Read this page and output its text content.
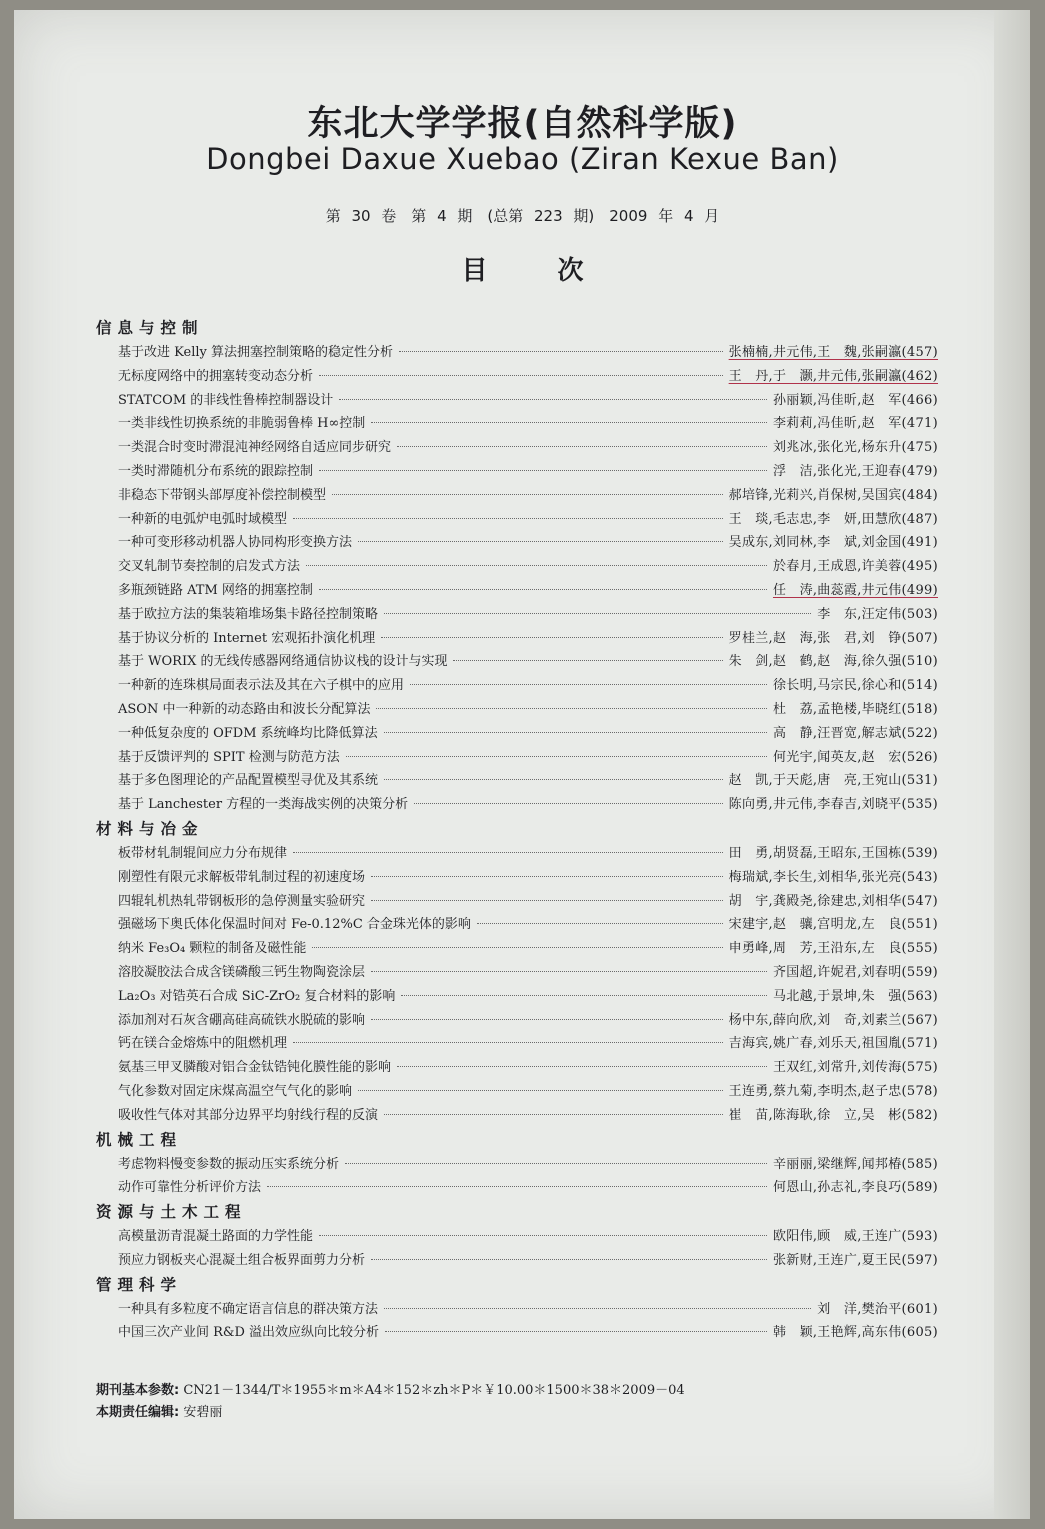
东北大学学报(自然科学版)
Dongbei Daxue Xuebao (Ziran Kexue Ban)
第 30 卷　第 4 期　(总第 223 期)　2009 年 4 月
目次
信息与控制
基于改进 Kelly 算法拥塞控制策略的稳定性分析	张楠楠,井元伟,王　魏,张嗣瀛(457)
无标度网络中的拥塞转变动态分析	王　丹,于　灏,井元伟,张嗣瀛(462)
STATCOM 的非线性鲁棒控制器设计	孙丽颖,冯佳昕,赵　军(466)
一类非线性切换系统的非脆弱鲁棒 H∞控制	李莉莉,冯佳昕,赵　军(471)
一类混合时变时滞混沌神经网络自适应同步研究	刘兆冰,张化光,杨东升(475)
一类时滞随机分布系统的跟踪控制	浮　洁,张化光,王迎春(479)
非稳态下带钢头部厚度补偿控制模型	郝培锋,光莉兴,肖保树,吴国宾(484)
一种新的电弧炉电弧时域模型	王　琰,毛志忠,李　妍,田慧欣(487)
一种可变形移动机器人协同构形变换方法	吴成东,刘同林,李　斌,刘金国(491)
交叉轧制节奏控制的启发式方法	於春月,王成恩,许美蓉(495)
多瓶颈链路 ATM 网络的拥塞控制	任　涛,曲蕊霞,井元伟(499)
基于欧拉方法的集装箱堆场集卡路径控制策略	李　东,汪定伟(503)
基于协议分析的 Internet 宏观拓扑演化机理	罗桂兰,赵　海,张　君,刘　铮(507)
基于 WORIX 的无线传感器网络通信协议栈的设计与实现	朱　剑,赵　鹤,赵　海,徐久强(510)
一种新的连珠棋局面表示法及其在六子棋中的应用	徐长明,马宗民,徐心和(514)
ASON 中一种新的动态路由和波长分配算法	杜　荔,孟艳楼,毕晓红(518)
一种低复杂度的 OFDM 系统峰均比降低算法	高　静,汪晋宽,解志斌(522)
基于反馈评判的 SPIT 检测与防范方法	何光宇,闻英友,赵　宏(526)
基于多色图理论的产品配置模型寻优及其系统	赵　凯,于天彪,唐　亮,王宛山(531)
基于 Lanchester 方程的一类海战实例的决策分析	陈向勇,井元伟,李春吉,刘晓平(535)
材料与冶金
板带材轧制辊间应力分布规律	田　勇,胡贤磊,王昭东,王国栋(539)
刚塑性有限元求解板带轧制过程的初速度场	梅瑞斌,李长生,刘相华,张光亮(543)
四辊轧机热轧带钢板形的急停测量实验研究	胡　宇,龚殿尧,徐建忠,刘相华(547)
强磁场下奥氏体化保温时间对 Fe-0.12%C 合金珠光体的影响	宋建宇,赵　骧,宫明龙,左　良(551)
纳米 Fe₃O₄ 颗粒的制备及磁性能	申勇峰,周　芳,王沿东,左　良(555)
溶胶凝胶法合成含镁磷酸三钙生物陶瓷涂层	齐国超,许妮君,刘春明(559)
La₂O₃ 对锆英石合成 SiC-ZrO₂ 复合材料的影响	马北越,于景坤,朱　强(563)
添加剂对石灰含硼高硅高硫铁水脱硫的影响	杨中东,薛向欣,刘　奇,刘素兰(567)
钙在镁合金熔炼中的阻燃机理	吉海宾,姚广春,刘乐天,祖国胤(571)
氨基三甲叉膦酸对铝合金钛锆钝化膜性能的影响	王双红,刘常升,刘传海(575)
气化参数对固定床煤高温空气气化的影响	王连勇,蔡九菊,李明杰,赵子忠(578)
吸收性气体对其部分边界平均射线行程的反演	崔　苗,陈海耿,徐　立,吴　彬(582)
机械工程
考虑物料慢变参数的振动压实系统分析	辛丽丽,梁继辉,闻邦椿(585)
动作可靠性分析评价方法	何恩山,孙志礼,李良巧(589)
资源与土木工程
高模量沥青混凝土路面的力学性能	欧阳伟,顾　威,王连广(593)
预应力钢板夹心混凝土组合板界面剪力分析	张新财,王连广,夏王民(597)
管理科学
一种具有多粒度不确定语言信息的群决策方法	刘　洋,樊治平(601)
中国三次产业间 R&D 溢出效应纵向比较分析	韩　颖,王艳辉,高东伟(605)
期刊基本参数: CN21－1344/T＊1955＊m＊A4＊152＊zh＊P＊￥10.00＊1500＊38＊2009－04
本期责任编辑: 安碧丽
